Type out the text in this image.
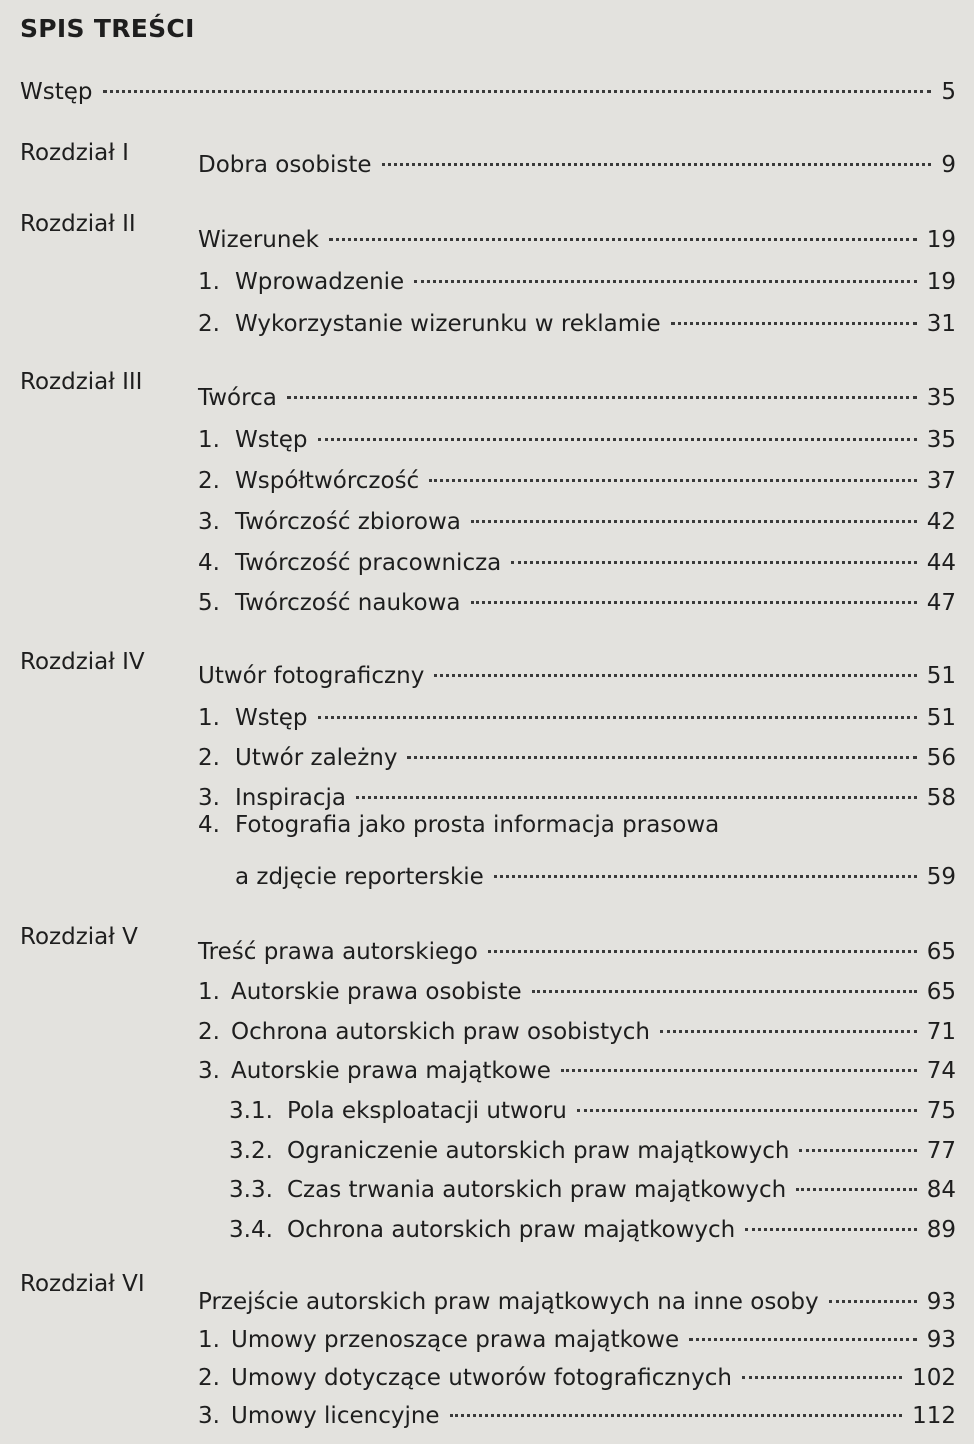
SPIS TREŚCI
Wstęp	5
Rozdział I	Dobra osobiste	9
Rozdział II
Wizerunek	19
1. Wprowadzenie	19
2. Wykorzystanie wizerunku w reklamie	31
Rozdział III
Twórca	35
1. Wstęp	35
2. Współtwórczość	37
3. Twórczość zbiorowa	42
4. Twórczość pracownicza	44
5. Twórczość naukowa	47
Rozdział IV
Utwór fotograficzny	51
1. Wstęp	51
2. Utwór zależny	56
3. Inspiracja	58
4. Fotografia jako prosta informacja prasowa
a zdjęcie reporterskie	59
Rozdział V
Treść prawa autorskiego	65
1. Autorskie prawa osobiste	65
2. Ochrona autorskich praw osobistych	71
3. Autorskie prawa majątkowe	74
3.1. Pola eksploatacji utworu	75
3.2. Ograniczenie autorskich praw majątkowych	77
3.3. Czas trwania autorskich praw majątkowych	84
3.4. Ochrona autorskich praw majątkowych	89
Rozdział VI
Przejście autorskich praw majątkowych na inne osoby	93
1. Umowy przenoszące prawa majątkowe	93
2. Umowy dotyczące utworów fotograficznych	102
3. Umowy licencyjne	112
